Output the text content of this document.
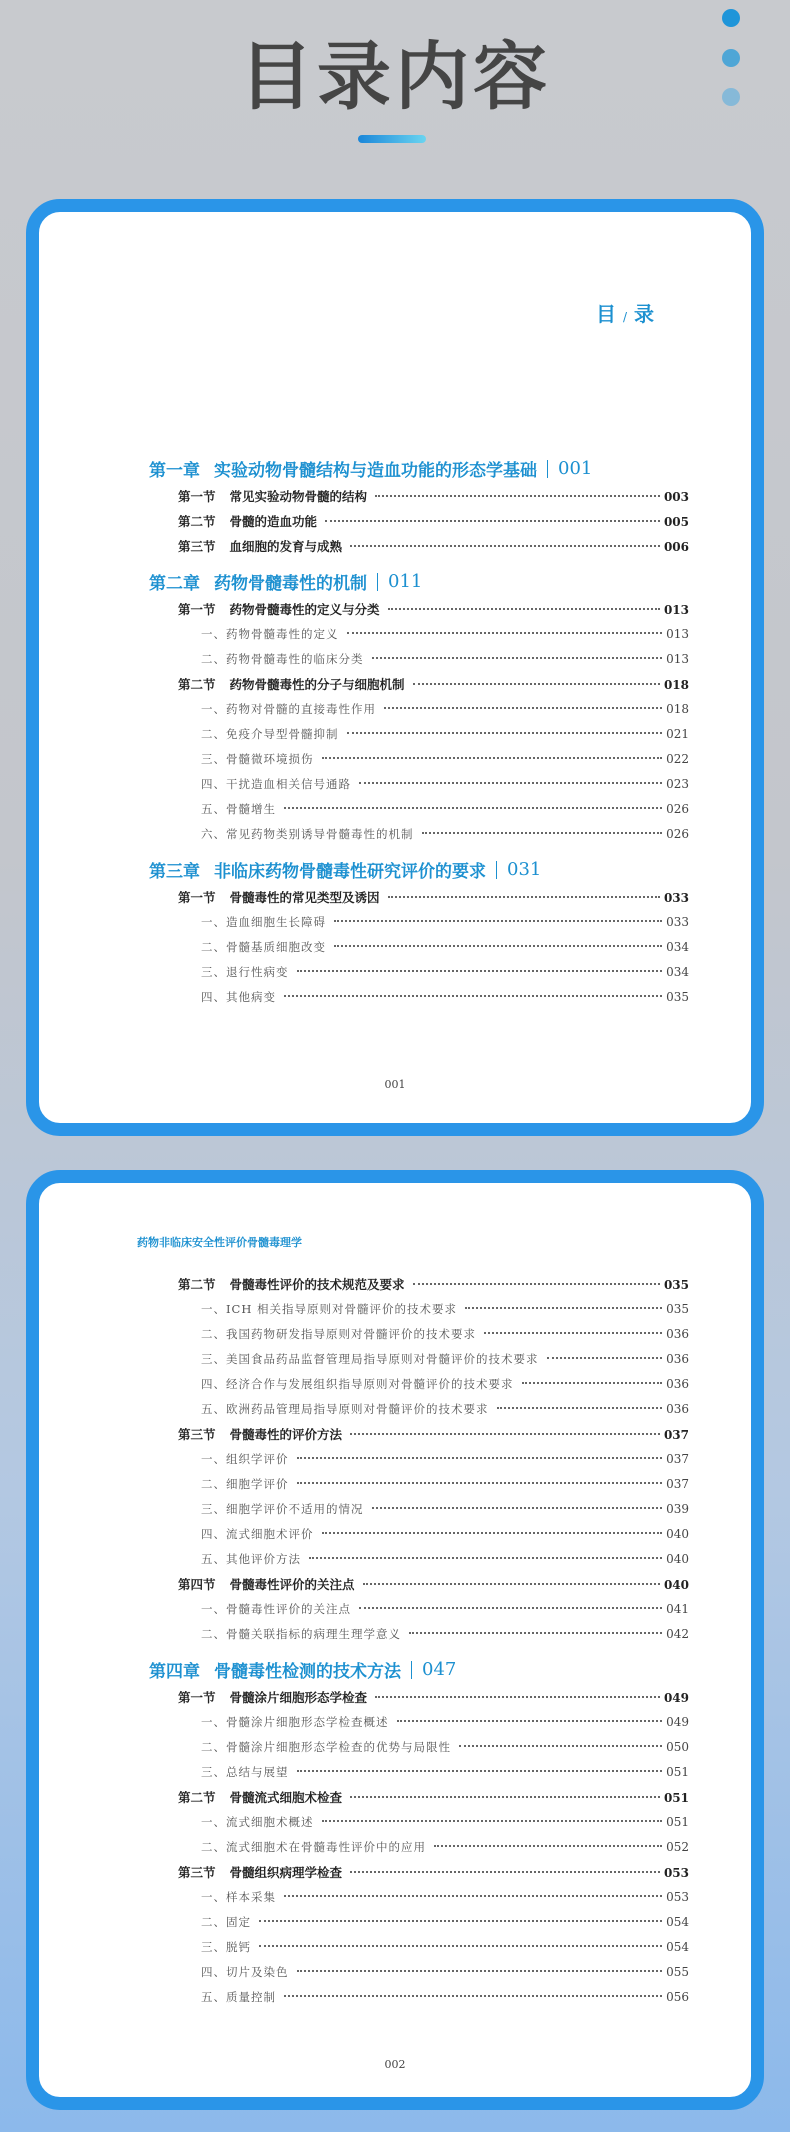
目录内容
目 / 录
第一章 实验动物骨髓结构与造血功能的形态学基础 001
第一节 常见实验动物骨髓的结构	003
第二节 骨髓的造血功能	005
第三节 血细胞的发育与成熟	006
第二章 药物骨髓毒性的机制 011
第一节 药物骨髓毒性的定义与分类	013
一、药物骨髓毒性的定义	013
二、药物骨髓毒性的临床分类	013
第二节 药物骨髓毒性的分子与细胞机制	018
一、药物对骨髓的直接毒性作用	018
二、免疫介导型骨髓抑制	021
三、骨髓微环境损伤	022
四、干扰造血相关信号通路	023
五、骨髓增生	026
六、常见药物类别诱导骨髓毒性的机制	026
第三章 非临床药物骨髓毒性研究评价的要求 031
第一节 骨髓毒性的常见类型及诱因	033
一、造血细胞生长障碍	033
二、骨髓基质细胞改变	034
三、退行性病变	034
四、其他病变	035
001
药物非临床安全性评价骨髓毒理学
第二节 骨髓毒性评价的技术规范及要求	035
一、ICH 相关指导原则对骨髓评价的技术要求	035
二、我国药物研发指导原则对骨髓评价的技术要求	036
三、美国食品药品监督管理局指导原则对骨髓评价的技术要求	036
四、经济合作与发展组织指导原则对骨髓评价的技术要求	036
五、欧洲药品管理局指导原则对骨髓评价的技术要求	036
第三节 骨髓毒性的评价方法	037
一、组织学评价	037
二、细胞学评价	037
三、细胞学评价不适用的情况	039
四、流式细胞术评价	040
五、其他评价方法	040
第四节 骨髓毒性评价的关注点	040
一、骨髓毒性评价的关注点	041
二、骨髓关联指标的病理生理学意义	042
第四章 骨髓毒性检测的技术方法 047
第一节 骨髓涂片细胞形态学检查	049
一、骨髓涂片细胞形态学检查概述	049
二、骨髓涂片细胞形态学检查的优势与局限性	050
三、总结与展望	051
第二节 骨髓流式细胞术检查	051
一、流式细胞术概述	051
二、流式细胞术在骨髓毒性评价中的应用	052
第三节 骨髓组织病理学检查	053
一、样本采集	053
二、固定	054
三、脱钙	054
四、切片及染色	055
五、质量控制	056
002
